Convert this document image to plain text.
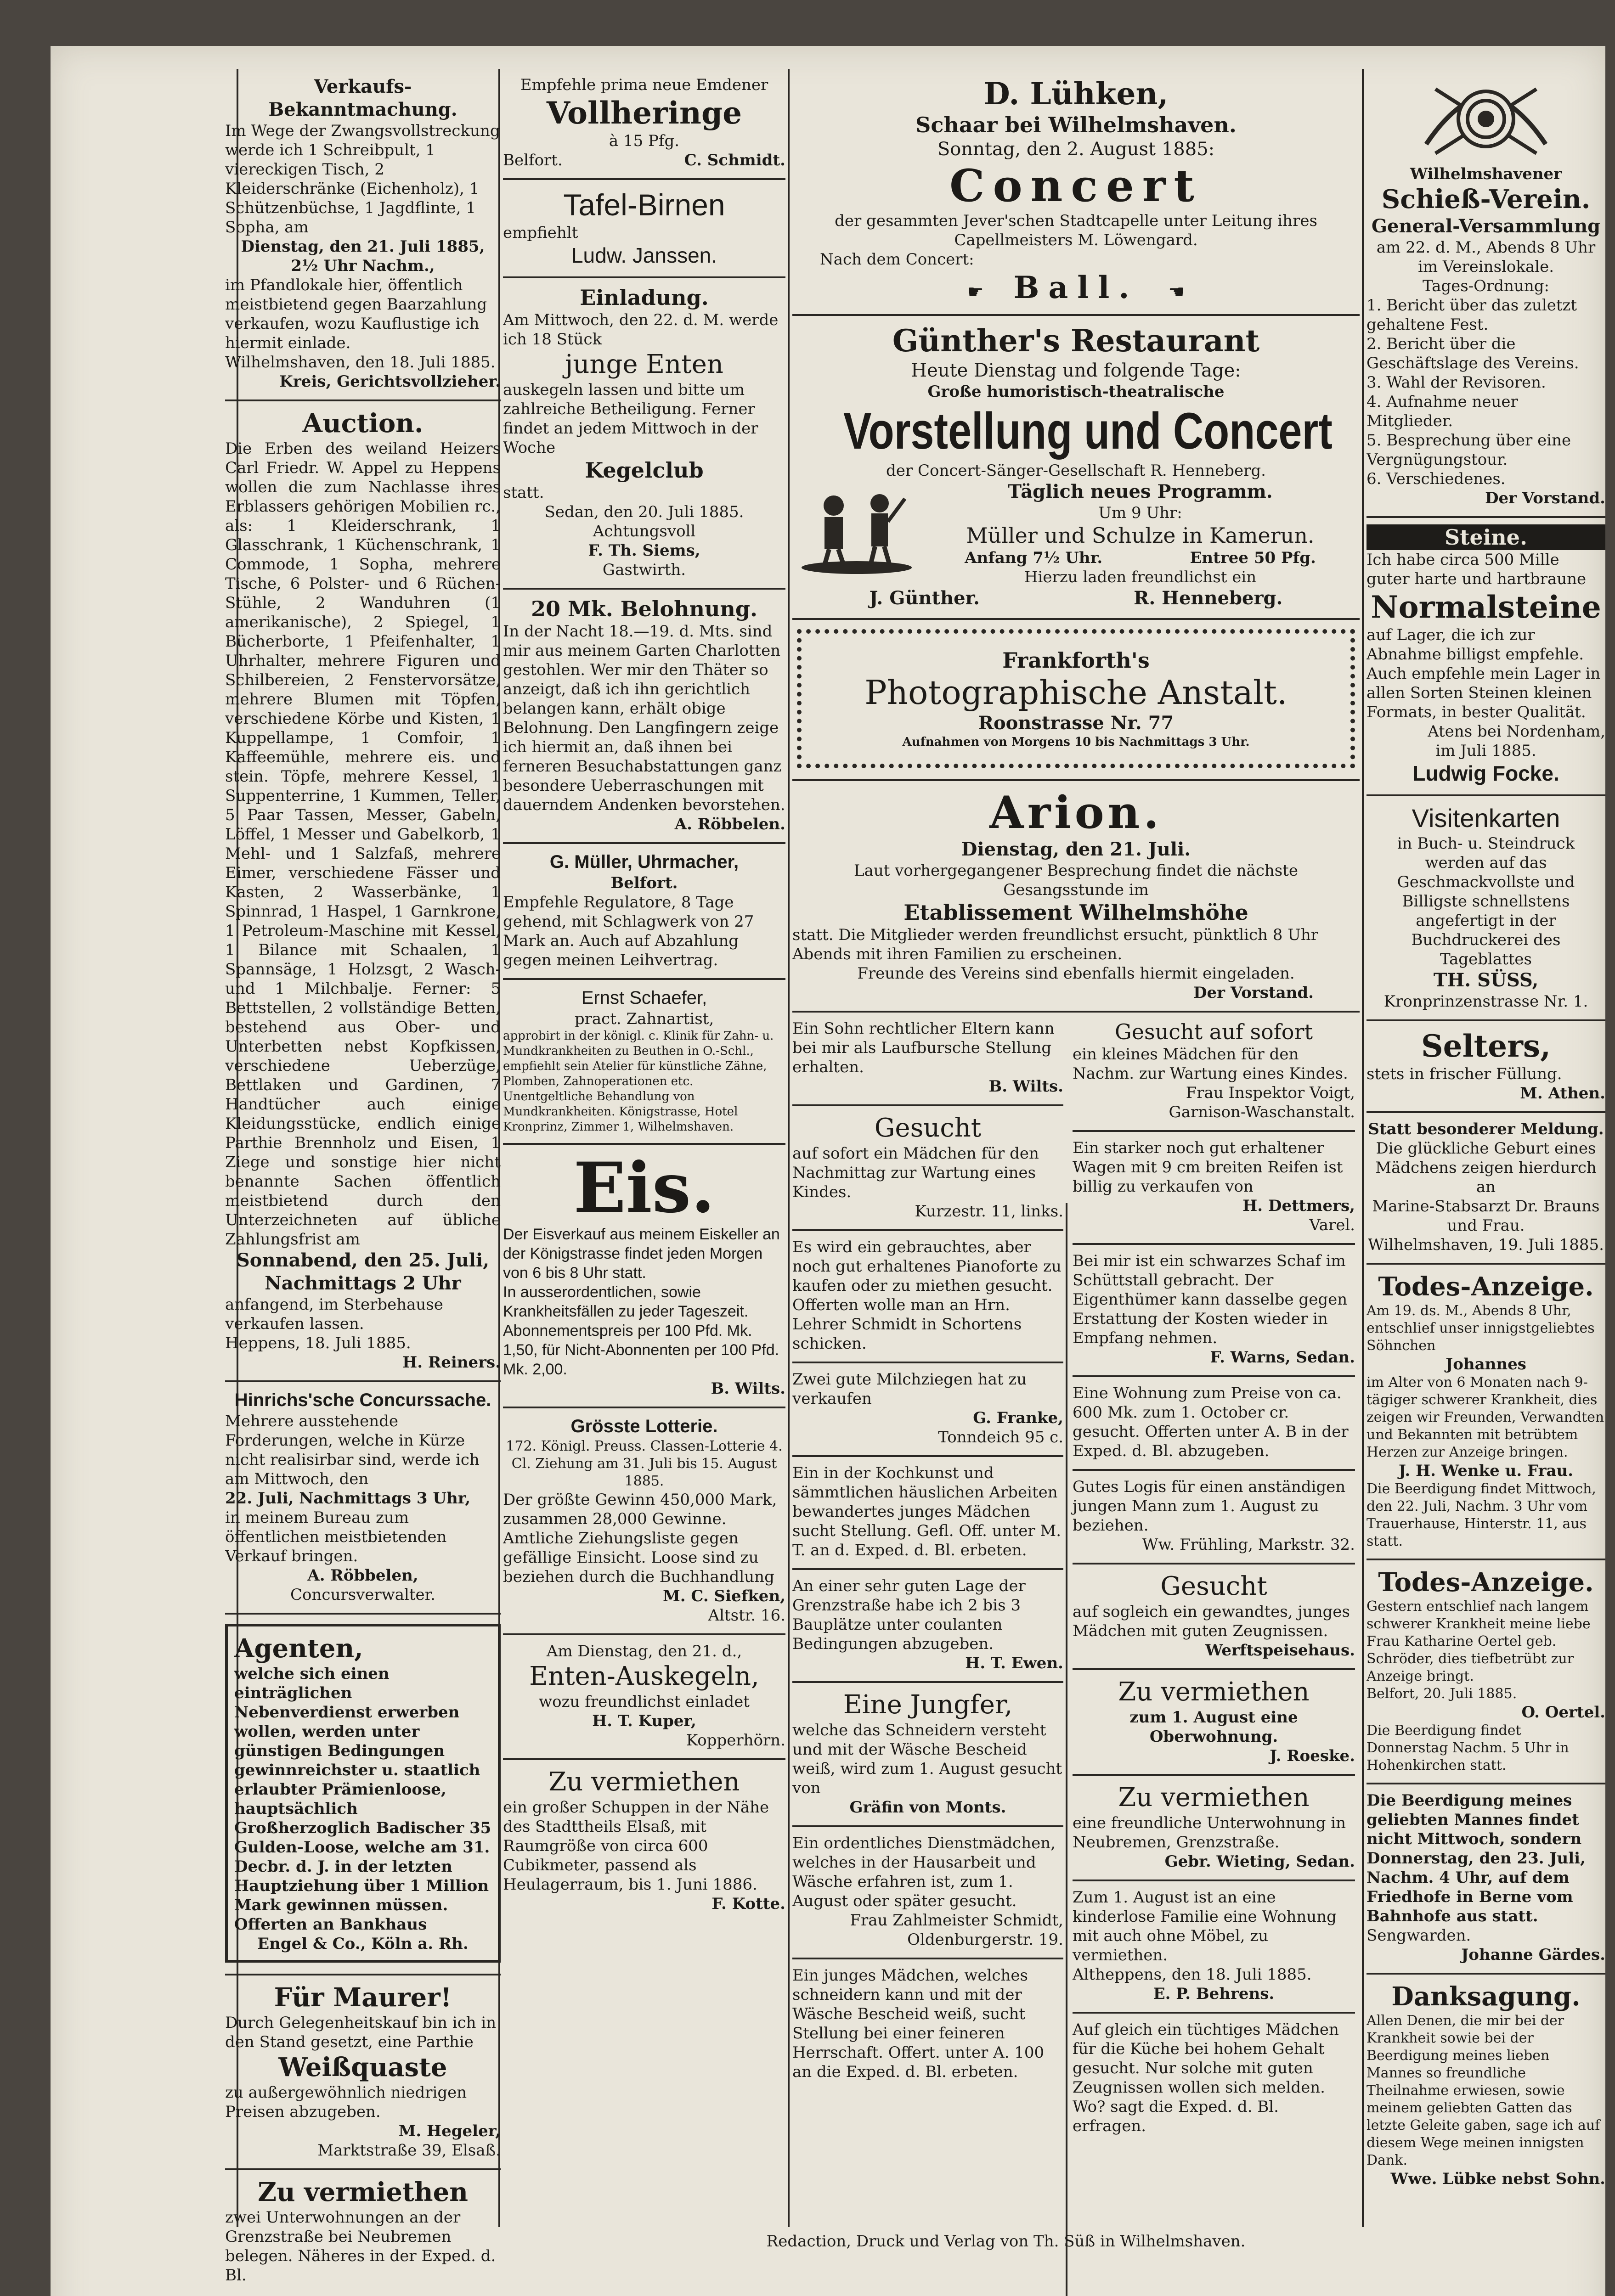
Verkaufs-Bekanntmachung.

Im Wege der Zwangsvollstreckung werde ich 1 Schreibpult, 1 viereckigen Tisch, 2 Kleiderschränke (Eichenholz), 1 Schützenbüchse, 1 Jagdflinte, 1 Sopha, am

Dienstag, den 21. Juli 1885, 2½ Uhr Nachm.,

im Pfandlokale hier, öffentlich meistbietend gegen Baarzahlung verkaufen, wozu Kauflustige ich hiermit einlade.

Wilhelmshaven, den 18. Juli 1885.

Kreis, Gerichtsvollzieher.

Auction.

Die Erben des weiland Heizers Carl Friedr. W. Appel zu Heppens wollen die zum Nachlasse ihres Erblassers gehörigen Mobilien rc., als: 1 Kleiderschrank, 1 Glasschrank, 1 Küchenschrank, 1 Commode, 1 Sopha, mehrere Tische, 6 Polster- und 6 Rüchen-Stühle, 2 Wanduhren (1 amerikanische), 2 Spiegel, 1 Bücherborte, 1 Pfeifenhalter, 1 Uhrhalter, mehrere Figuren und Schilbereien, 2 Fenstervorsätze, mehrere Blumen mit Töpfen, verschiedene Körbe und Kisten, 1 Kuppellampe, 1 Comfoir, 1 Kaffeemühle, mehrere eis. und stein. Töpfe, mehrere Kessel, 1 Suppenterrine, 1 Kummen, Teller, 5 Paar Tassen, Messer, Gabeln, Löffel, 1 Messer und Gabelkorb, 1 Mehl- und 1 Salzfaß, mehrere Eimer, verschiedene Fässer und Kasten, 2 Wasserbänke, 1 Spinnrad, 1 Haspel, 1 Garnkrone, 1 Petroleum-Maschine mit Kessel, 1 Bilance mit Schaalen, 1 Spannsäge, 1 Holzsgt, 2 Wasch- und 1 Milchbalje. Ferner: 5 Bettstellen, 2 vollständige Betten, bestehend aus Ober- und Unterbetten nebst Kopfkissen, verschiedene Ueberzüge, Bettlaken und Gardinen, 7 Handtücher auch einige Kleidungsstücke, endlich einige Parthie Brennholz und Eisen, 1 Ziege und sonstige hier nicht benannte Sachen öffentlich meistbietend durch den Unterzeichneten auf übliche Zahlungsfrist am

Sonnabend, den 25. Juli, Nachmittags 2 Uhr

anfangend, im Sterbehause verkaufen lassen.

Heppens, 18. Juli 1885.

H. Reiners.

Hinrichs'sche Concurssache.

Mehrere ausstehende Forderungen, welche in Kürze nicht realisirbar sind, werde ich am Mittwoch, den

22. Juli, Nachmittags 3 Uhr,

in meinem Bureau zum öffentlichen meistbietenden Verkauf bringen.

A. Röbbelen,

Concursverwalter.

Agenten,

welche sich einen einträglichen Nebenverdienst erwerben wollen, werden unter günstigen Bedingungen gewinnreichster u. staatlich erlaubter Prämienloose, hauptsächlich Großherzoglich Badischer 35 Gulden-Loose, welche am 31. Decbr. d. J. in der letzten Hauptziehung über 1 Million Mark gewinnen müssen. Offerten an Bankhaus

Engel & Co., Köln a. Rh.

Für Maurer!

Durch Gelegenheitskauf bin ich in den Stand gesetzt, eine Parthie

Weißquaste

zu außergewöhnlich niedrigen Preisen abzugeben.

M. Hegeler,

Marktstraße 39, Elsaß.

Zu vermiethen

zwei Unterwohnungen an der Grenzstraße bei Neubremen belegen. Näheres in der Exped. d. Bl.

Empfehle prima neue Emdener

Vollheringe

à 15 Pfg.

Belfort.	C. Schmidt.
Tafel-Birnen

empfiehlt

Ludw. Janssen.
Einladung.

Am Mittwoch, den 22. d. M. werde ich 18 Stück

junge Enten

auskegeln lassen und bitte um zahlreiche Betheiligung. Ferner findet an jedem Mittwoch in der Woche

Kegelclub

statt.

Sedan, den 20. Juli 1885.

Achtungsvoll

F. Th. Siems,

Gastwirth.

20 Mk. Belohnung.

In der Nacht 18.—19. d. Mts. sind mir aus meinem Garten Charlotten gestohlen. Wer mir den Thäter so anzeigt, daß ich ihn gerichtlich belangen kann, erhält obige Belohnung. Den Langfingern zeige ich hiermit an, daß ihnen bei ferneren Besuchabstattungen ganz besondere Ueberraschungen mit dauerndem Andenken bevorstehen.

A. Röbbelen.

G. Müller, Uhrmacher,

Belfort.

Empfehle Regulatore, 8 Tage gehend, mit Schlagwerk von 27 Mark an. Auch auf Abzahlung gegen meinen Leihvertrag.

Ernst Schaefer,

pract. Zahnartist,

approbirt in der königl. c. Klinik für Zahn- u. Mundkrankheiten zu Beuthen in O.-Schl., empfiehlt sein Atelier für künstliche Zähne, Plomben, Zahnoperationen etc. Unentgeltliche Behandlung von Mundkrankheiten. Königstrasse, Hotel Kronprinz, Zimmer 1, Wilhelmshaven.

Eis.

Der Eisverkauf aus meinem Eiskeller an der Königstrasse findet jeden Morgen von 6 bis 8 Uhr statt.

In ausserordentlichen, sowie Krankheitsfällen zu jeder Tageszeit.

Abonnementspreis per 100 Pfd. Mk. 1,50, für Nicht-Abonnenten per 100 Pfd. Mk. 2,00.

B. Wilts.

Grösste Lotterie.

172. Königl. Preuss. Classen-Lotterie 4. Cl. Ziehung am 31. Juli bis 15. August 1885.

Der größte Gewinn 450,000 Mark, zusammen 28,000 Gewinne. Amtliche Ziehungsliste gegen gefällige Einsicht. Loose sind zu beziehen durch die Buchhandlung

M. C. Siefken,

Altstr. 16.

Am Dienstag, den 21. d.,

Enten-Auskegeln,

wozu freundlichst einladet

H. T. Kuper,

Kopperhörn.

Zu vermiethen

ein großer Schuppen in der Nähe des Stadttheils Elsaß, mit Raumgröße von circa 600 Cubikmeter, passend als Heulagerraum, bis 1. Juni 1886.

F. Kotte.

D. Lühken,
Schaar bei Wilhelmshaven.

Sonntag, den 2. August 1885:

Concert

der gesammten Jever'schen Stadtcapelle unter Leitung ihres Capellmeisters M. Löwengard.

Nach dem Concert:

☛ Ball. ☚
Günther's Restaurant
Heute Dienstag und folgende Tage:

Große humoristisch-theatralische

Vorstellung und Concert

der Concert-Sänger-Gesellschaft R. Henneberg.

Täglich neues Programm.

Um 9 Uhr:

Müller und Schulze in Kamerun.

Anfang 7½ Uhr.	Entree 50 Pfg.

Hierzu laden freundlichst ein

J. Günther.	R. Henneberg.
Frankforth's
Photographische Anstalt.
Roonstrasse Nr. 77

Aufnahmen von Morgens 10 bis Nachmittags 3 Uhr.

Arion.

Dienstag, den 21. Juli.

Laut vorhergegangener Besprechung findet die nächste Gesangsstunde im

Etablissement Wilhelmshöhe

statt. Die Mitglieder werden freundlichst ersucht, pünktlich 8 Uhr Abends mit ihren Familien zu erscheinen.

Freunde des Vereins sind ebenfalls hiermit eingeladen.

Der Vorstand.

Ein Sohn rechtlicher Eltern kann bei mir als Laufbursche Stellung erhalten.

B. Wilts.

Gesucht

auf sofort ein Mädchen für den Nachmittag zur Wartung eines Kindes.

Kurzestr. 11, links.

Es wird ein gebrauchtes, aber noch gut erhaltenes Pianoforte zu kaufen oder zu miethen gesucht. Offerten wolle man an Hrn. Lehrer Schmidt in Schortens schicken.

Zwei gute Milchziegen hat zu verkaufen

G. Franke,

Tonndeich 95 c.

Ein in der Kochkunst und sämmtlichen häuslichen Arbeiten bewandertes junges Mädchen sucht Stellung. Gefl. Off. unter M. T. an d. Exped. d. Bl. erbeten.

An einer sehr guten Lage der Grenzstraße habe ich 2 bis 3 Bauplätze unter coulanten Bedingungen abzugeben.

H. T. Ewen.

Eine Jungfer,

welche das Schneidern versteht und mit der Wäsche Bescheid weiß, wird zum 1. August gesucht von

Gräfin von Monts.

Ein ordentliches Dienstmädchen, welches in der Hausarbeit und Wäsche erfahren ist, zum 1. August oder später gesucht.

Frau Zahlmeister Schmidt,

Oldenburgerstr. 19.

Ein junges Mädchen, welches schneidern kann und mit der Wäsche Bescheid weiß, sucht Stellung bei einer feineren Herrschaft. Offert. unter A. 100 an die Exped. d. Bl. erbeten.

Gesucht auf sofort

ein kleines Mädchen für den Nachm. zur Wartung eines Kindes.

Frau Inspektor Voigt,

Garnison-Waschanstalt.

Ein starker noch gut erhaltener Wagen mit 9 cm breiten Reifen ist billig zu verkaufen von

H. Dettmers,

Varel.

Bei mir ist ein schwarzes Schaf im Schüttstall gebracht. Der Eigenthümer kann dasselbe gegen Erstattung der Kosten wieder in Empfang nehmen.

F. Warns, Sedan.

Eine Wohnung zum Preise von ca. 600 Mk. zum 1. October cr. gesucht. Offerten unter A. B in der Exped. d. Bl. abzugeben.

Gutes Logis für einen anständigen jungen Mann zum 1. August zu beziehen.

Ww. Frühling, Markstr. 32.

Gesucht

auf sogleich ein gewandtes, junges Mädchen mit guten Zeugnissen.

Werftspeisehaus.

Zu vermiethen

zum 1. August eine Oberwohnung.

J. Roeske.

Zu vermiethen

eine freundliche Unterwohnung in Neubremen, Grenzstraße.

Gebr. Wieting, Sedan.

Zum 1. August ist an eine kinderlose Familie eine Wohnung mit auch ohne Möbel, zu vermiethen.

Altheppens, den 18. Juli 1885.

E. P. Behrens.

Auf gleich ein tüchtiges Mädchen für die Küche bei hohem Gehalt gesucht. Nur solche mit guten Zeugnissen wollen sich melden. Wo? sagt die Exped. d. Bl. erfragen.

Wilhelmshavener

Schieß-Verein.
General-Versammlung

am 22. d. M., Abends 8 Uhr im Vereinslokale.

Tages-Ordnung:

1. Bericht über das zuletzt gehaltene Fest.

2. Bericht über die Geschäftslage des Vereins.

3. Wahl der Revisoren.

4. Aufnahme neuer Mitglieder.

5. Besprechung über eine Vergnügungstour.

6. Verschiedenes.

Der Vorstand.

Steine.

Ich habe circa 500 Mille guter harte und hartbraune

Normalsteine

auf Lager, die ich zur Abnahme billigst empfehle. Auch empfehle mein Lager in allen Sorten Steinen kleinen Formats, in bester Qualität.

Atens bei Nordenham,

im Juli 1885.

Ludwig Focke.
Visitenkarten

in Buch- u. Steindruck werden auf das Geschmackvollste und Billigste schnellstens angefertigt in der Buchdruckerei des Tageblattes

TH. SÜSS,

Kronprinzenstrasse Nr. 1.

Selters,

stets in frischer Füllung.

M. Athen.

Statt besonderer Meldung.

Die glückliche Geburt eines Mädchens zeigen hierdurch an

Marine-Stabsarzt Dr. Brauns und Frau.

Wilhelmshaven, 19. Juli 1885.

Todes-Anzeige.

Am 19. ds. M., Abends 8 Uhr, entschlief unser innigstgeliebtes Söhnchen

Johannes

im Alter von 6 Monaten nach 9-tägiger schwerer Krankheit, dies zeigen wir Freunden, Verwandten und Bekannten mit betrübtem Herzen zur Anzeige bringen.

J. H. Wenke u. Frau.

Die Beerdigung findet Mittwoch, den 22. Juli, Nachm. 3 Uhr vom Trauerhause, Hinterstr. 11, aus statt.

Todes-Anzeige.

Gestern entschlief nach langem schwerer Krankheit meine liebe Frau Katharine Oertel geb. Schröder, dies tiefbetrübt zur Anzeige bringt.

Belfort, 20. Juli 1885.

O. Oertel.

Die Beerdigung findet Donnerstag Nachm. 5 Uhr in Hohenkirchen statt.

Die Beerdigung meines geliebten Mannes findet nicht Mittwoch, sondern Donnerstag, den 23. Juli, Nachm. 4 Uhr, auf dem Friedhofe in Berne vom Bahnhofe aus statt.

Sengwarden.

Johanne Gärdes.

Danksagung.

Allen Denen, die mir bei der Krankheit sowie bei der Beerdigung meines lieben Mannes so freundliche Theilnahme erwiesen, sowie meinem geliebten Gatten das letzte Geleite gaben, sage ich auf diesem Wege meinen innigsten Dank.

Wwe. Lübke nebst Sohn.

Redaction, Druck und Verlag von Th. Süß in Wilhelmshaven.
